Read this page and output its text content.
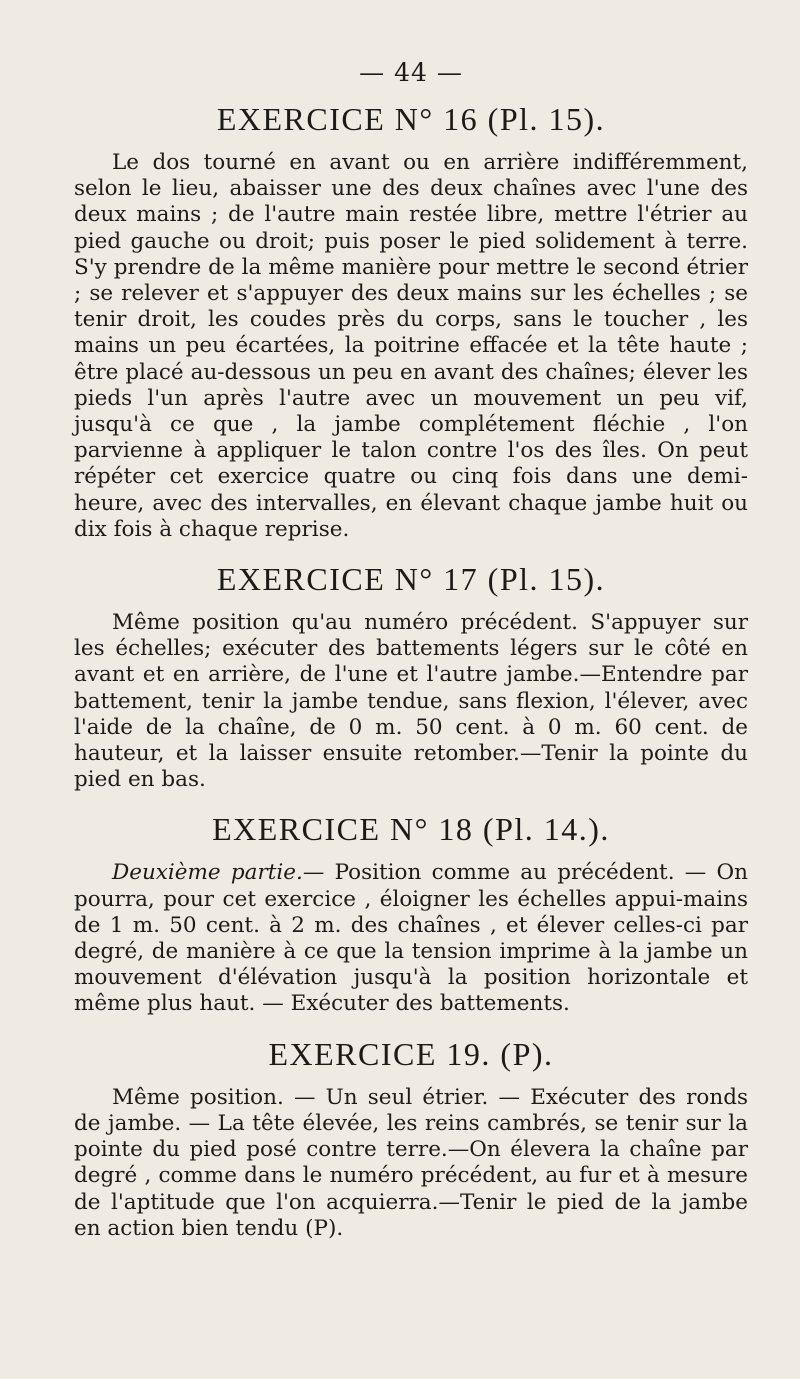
— 44 —
EXERCICE N° 16 (Pl. 15).

Le dos tourné en avant ou en arrière indifféremment, selon le lieu, abaisser une des deux chaînes avec l'une des deux mains ; de l'autre main restée libre, mettre l'étrier au pied gauche ou droit; puis poser le pied solidement à terre. S'y prendre de la même manière pour mettre le second étrier ; se relever et s'appuyer des deux mains sur les échelles ; se tenir droit, les coudes près du corps, sans le toucher , les mains un peu écartées, la poitrine effacée et la tête haute ; être placé au-dessous un peu en avant des chaînes; élever les pieds l'un après l'autre avec un mouvement un peu vif, jusqu'à ce que , la jambe complétement fléchie , l'on parvienne à appliquer le talon contre l'os des îles. On peut répéter cet exercice quatre ou cinq fois dans une demi-heure, avec des intervalles, en élevant chaque jambe huit ou dix fois à chaque reprise.

EXERCICE N° 17 (Pl. 15).

Même position qu'au numéro précédent. S'appuyer sur les échelles; exécuter des battements légers sur le côté en avant et en arrière, de l'une et l'autre jambe.—Entendre par battement, tenir la jambe tendue, sans flexion, l'élever, avec l'aide de la chaîne, de 0 m. 50 cent. à 0 m. 60 cent. de hauteur, et la laisser ensuite retomber.—Tenir la pointe du pied en bas.

EXERCICE N° 18 (Pl. 14.).

Deuxième partie.— Position comme au précédent. — On pourra, pour cet exercice , éloigner les échelles appui-mains de 1 m. 50 cent. à 2 m. des chaînes , et élever celles-ci par degré, de manière à ce que la tension imprime à la jambe un mouvement d'élévation jusqu'à la position horizontale et même plus haut. — Exécuter des battements.

EXERCICE 19. (P).

Même position. — Un seul étrier. — Exécuter des ronds de jambe. — La tête élevée, les reins cambrés, se tenir sur la pointe du pied posé contre terre.—On élevera la chaîne par degré , comme dans le numéro précédent, au fur et à mesure de l'aptitude que l'on acquierra.—Tenir le pied de la jambe en action bien tendu (P).
